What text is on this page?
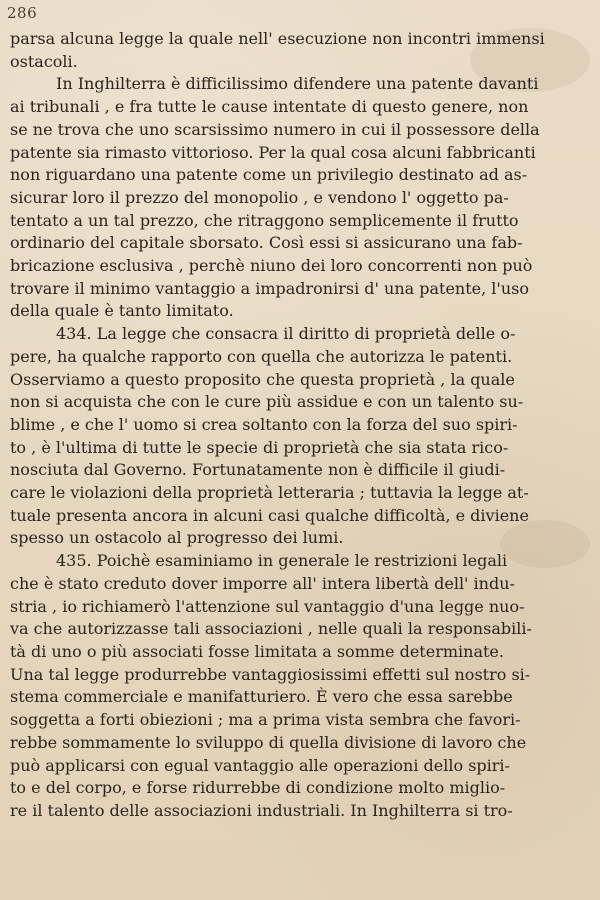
286
parsa alcuna legge la quale nell' esecuzione non incontri immensi
ostacoli.
In Inghilterra è difficilissimo difendere una patente davanti
ai tribunali , e fra tutte le cause intentate di questo genere, non
se ne trova che uno scarsissimo numero in cui il possessore della
patente sia rimasto vittorioso. Per la qual cosa alcuni fabbricanti
non riguardano una patente come un privilegio destinato ad as-
sicurar loro il prezzo del monopolio , e vendono l' oggetto pa-
tentato a un tal prezzo, che ritraggono semplicemente il frutto
ordinario del capitale sborsato. Così essi si assicurano una fab-
bricazione esclusiva , perchè niuno dei loro concorrenti non può
trovare il minimo vantaggio a impadronirsi d' una patente, l'uso
della quale è tanto limitato.
434. La legge che consacra il diritto di proprietà delle o-
pere, ha qualche rapporto con quella che autorizza le patenti.
Osserviamo a questo proposito che questa proprietà , la quale
non si acquista che con le cure più assidue e con un talento su-
blime , e che l' uomo si crea soltanto con la forza del suo spiri-
to , è l'ultima di tutte le specie di proprietà che sia stata rico-
nosciuta dal Governo. Fortunatamente non è difficile il giudi-
care le violazioni della proprietà letteraria ; tuttavia la legge at-
tuale presenta ancora in alcuni casi qualche difficoltà, e diviene
spesso un ostacolo al progresso dei lumi.
435. Poichè esaminiamo in generale le restrizioni legali
che è stato creduto dover imporre all' intera libertà dell' indu-
stria , io richiamerò l'attenzione sul vantaggio d'una legge nuo-
va che autorizzasse tali associazioni , nelle quali la responsabili-
tà di uno o più associati fosse limitata a somme determinate.
Una tal legge produrrebbe vantaggiosissimi effetti sul nostro si-
stema commerciale e manifatturiero. È vero che essa sarebbe
soggetta a forti obiezioni ; ma a prima vista sembra che favori-
rebbe sommamente lo sviluppo di quella divisione di lavoro che
può applicarsi con egual vantaggio alle operazioni dello spiri-
to e del corpo, e forse ridurrebbe di condizione molto miglio-
re il talento delle associazioni industriali. In Inghilterra si tro-
